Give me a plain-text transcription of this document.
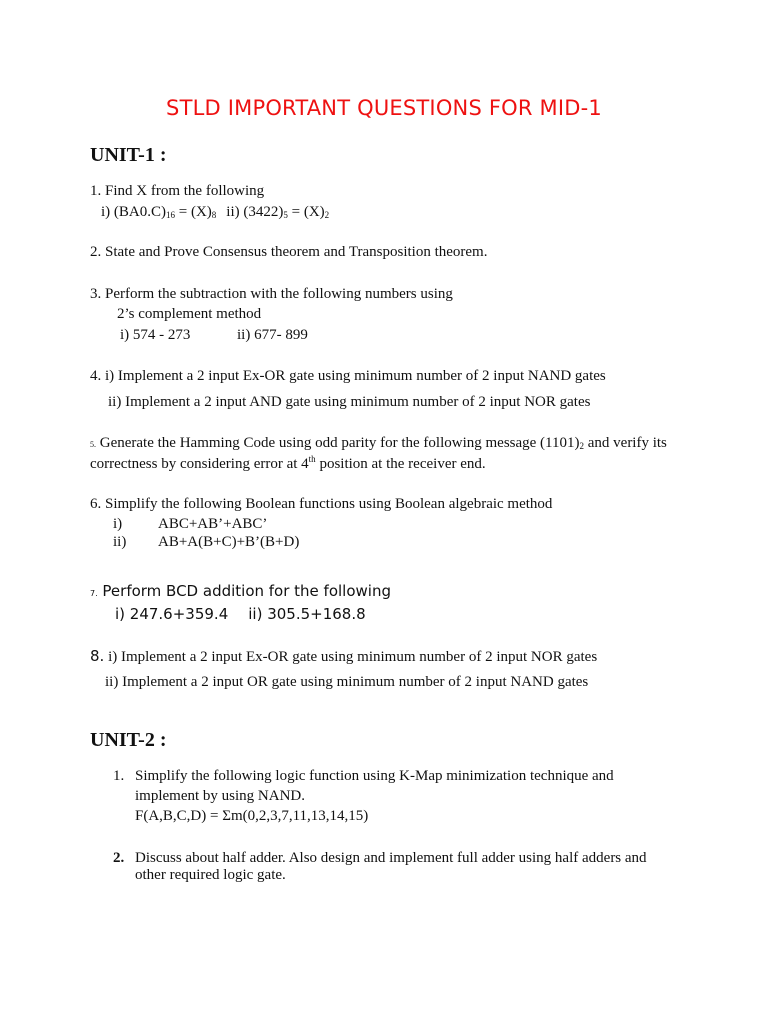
STLD IMPORTANT QUESTIONS FOR MID-1
UNIT-1 :
1. Find X from the following
i) $(BA0.C)_{16} = (X)_8$ ii) $(3422)_5 = (X)_2$
2. State and Prove Consensus theorem and Transposition theorem.
3. Perform the subtraction with the following numbers using
2’s complement method
i) 574 - 273	ii) 677- 899
4. i) Implement a 2 input Ex-OR gate using minimum number of 2 input NAND gates
ii) Implement a 2 input AND gate using minimum number of 2 input NOR gates
5. Generate the Hamming Code using odd parity for the following message $(1101)_2$ and verify its
correctness by considering error at 4th position at the receiver end.
6. Simplify the following Boolean functions using Boolean algebraic method
i) ABC+AB’+ABC’
ii) AB+A(B+C)+B’(B+D)
7. Perform BCD addition for the following
i) 247.6+359.4 ii) 305.5+168.8
8. i) Implement a 2 input Ex-OR gate using minimum number of 2 input NOR gates
ii) Implement a 2 input OR gate using minimum number of 2 input NAND gates
UNIT-2 :
1. Simplify the following logic function using K-Map minimization technique and
implement by using NAND.
F(A,B,C,D) = Σm(0,2,3,7,11,13,14,15)
2. Discuss about half adder. Also design and implement full adder using half adders and
other required logic gate.
